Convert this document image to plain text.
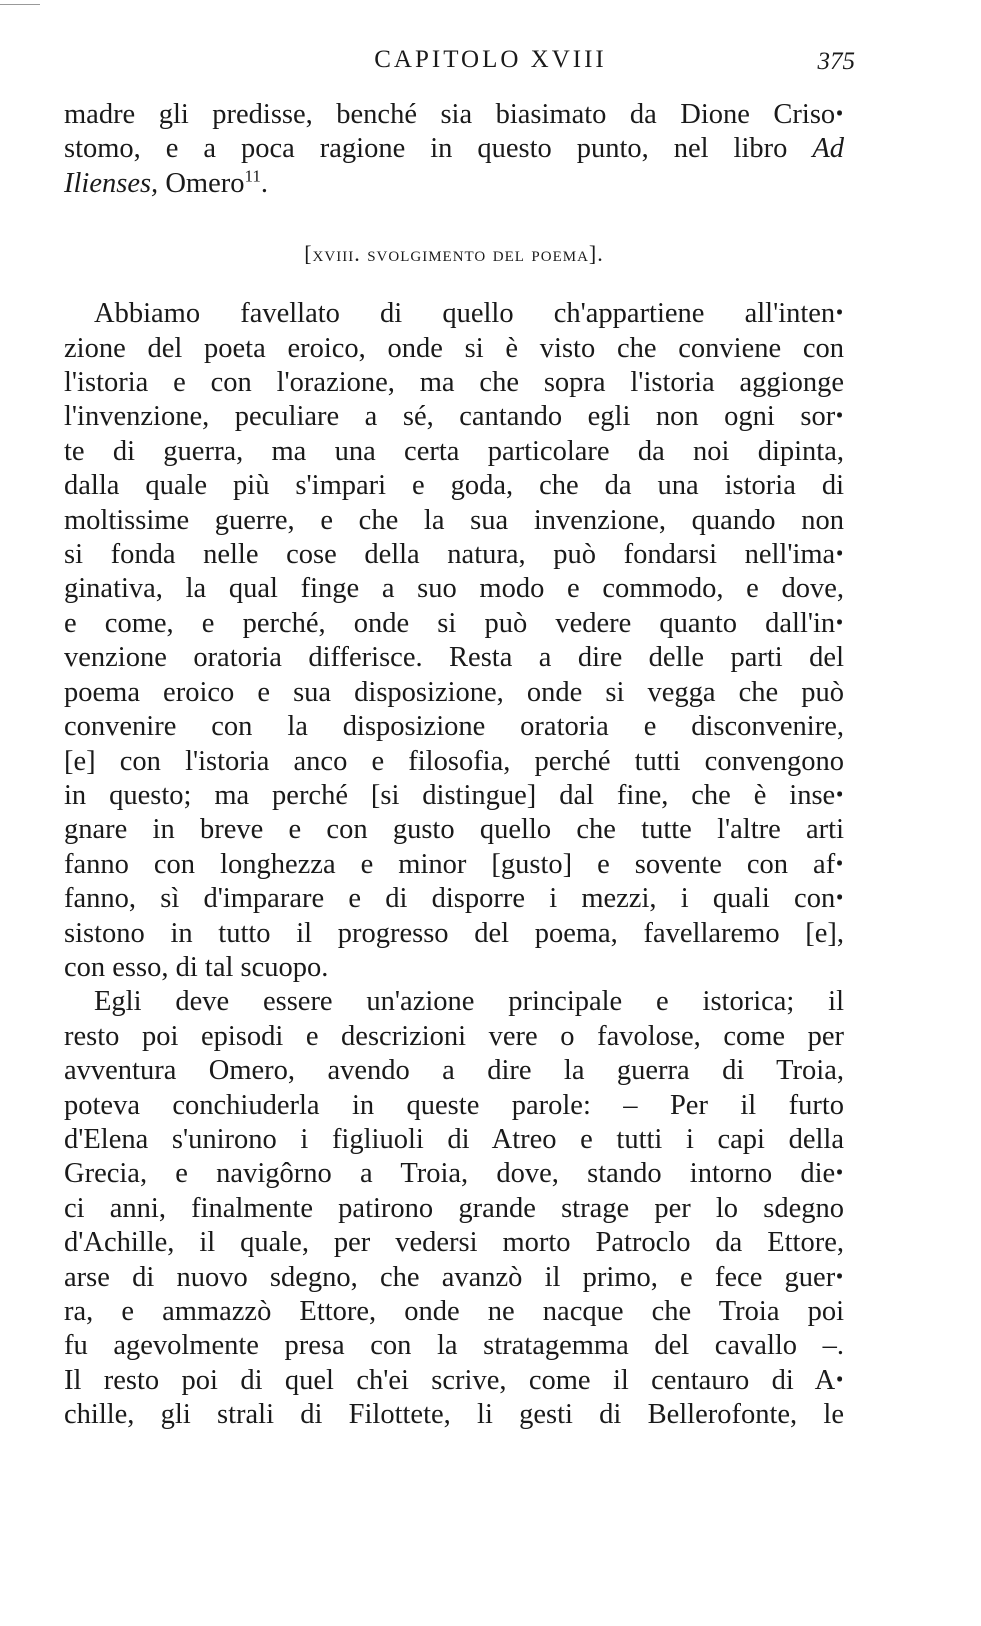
CAPITOLO XVIII	375
madre gli predisse, benché sia biasimato da Dione Crisoꞏ
stomo, e a poca ragione in questo punto, nel libro Ad
Ilienses, Omero$^{11}$.
[xviii. svolgimento del poema].
Abbiamo favellato di quello ch'appartiene all'intenꞏ
zione del poeta eroico, onde si è visto che conviene con
l'istoria e con l'orazione, ma che sopra l'istoria aggionge
l'invenzione, peculiare a sé, cantando egli non ogni sorꞏ
te di guerra, ma una certa particolare da noi dipinta,
dalla quale più s'impari e goda, che da una istoria di
moltissime guerre, e che la sua invenzione, quando non
si fonda nelle cose della natura, può fondarsi nell'imaꞏ
ginativa, la qual finge a suo modo e commodo, e dove,
e come, e perché, onde si può vedere quanto dall'inꞏ
venzione oratoria differisce. Resta a dire delle parti del
poema eroico e sua disposizione, onde si vegga che può
convenire con la disposizione oratoria e disconvenire,
[e] con l'istoria anco e filosofia, perché tutti convengono
in questo; ma perché [si distingue] dal fine, che è inseꞏ
gnare in breve e con gusto quello che tutte l'altre arti
fanno con longhezza e minor [gusto] e sovente con afꞏ
fanno, sì d'imparare e di disporre i mezzi, i quali conꞏ
sistono in tutto il progresso del poema, favellaremo [e],
con esso, di tal scuopo.
Egli deve essere un'azione principale e istorica; il
resto poi episodi e descrizioni vere o favolose, come per
avventura Omero, avendo a dire la guerra di Troia,
poteva conchiuderla in queste parole: – Per il furto
d'Elena s'unirono i figliuoli di Atreo e tutti i capi della
Grecia, e navigôrno a Troia, dove, stando intorno dieꞏ
ci anni, finalmente patirono grande strage per lo sdegno
d'Achille, il quale, per vedersi morto Patroclo da Ettore,
arse di nuovo sdegno, che avanzò il primo, e fece guerꞏ
ra, e ammazzò Ettore, onde ne nacque che Troia poi
fu agevolmente presa con la stratagemma del cavallo –.
Il resto poi di quel ch'ei scrive, come il centauro di Aꞏ
chille, gli strali di Filottete, li gesti di Bellerofonte, le
